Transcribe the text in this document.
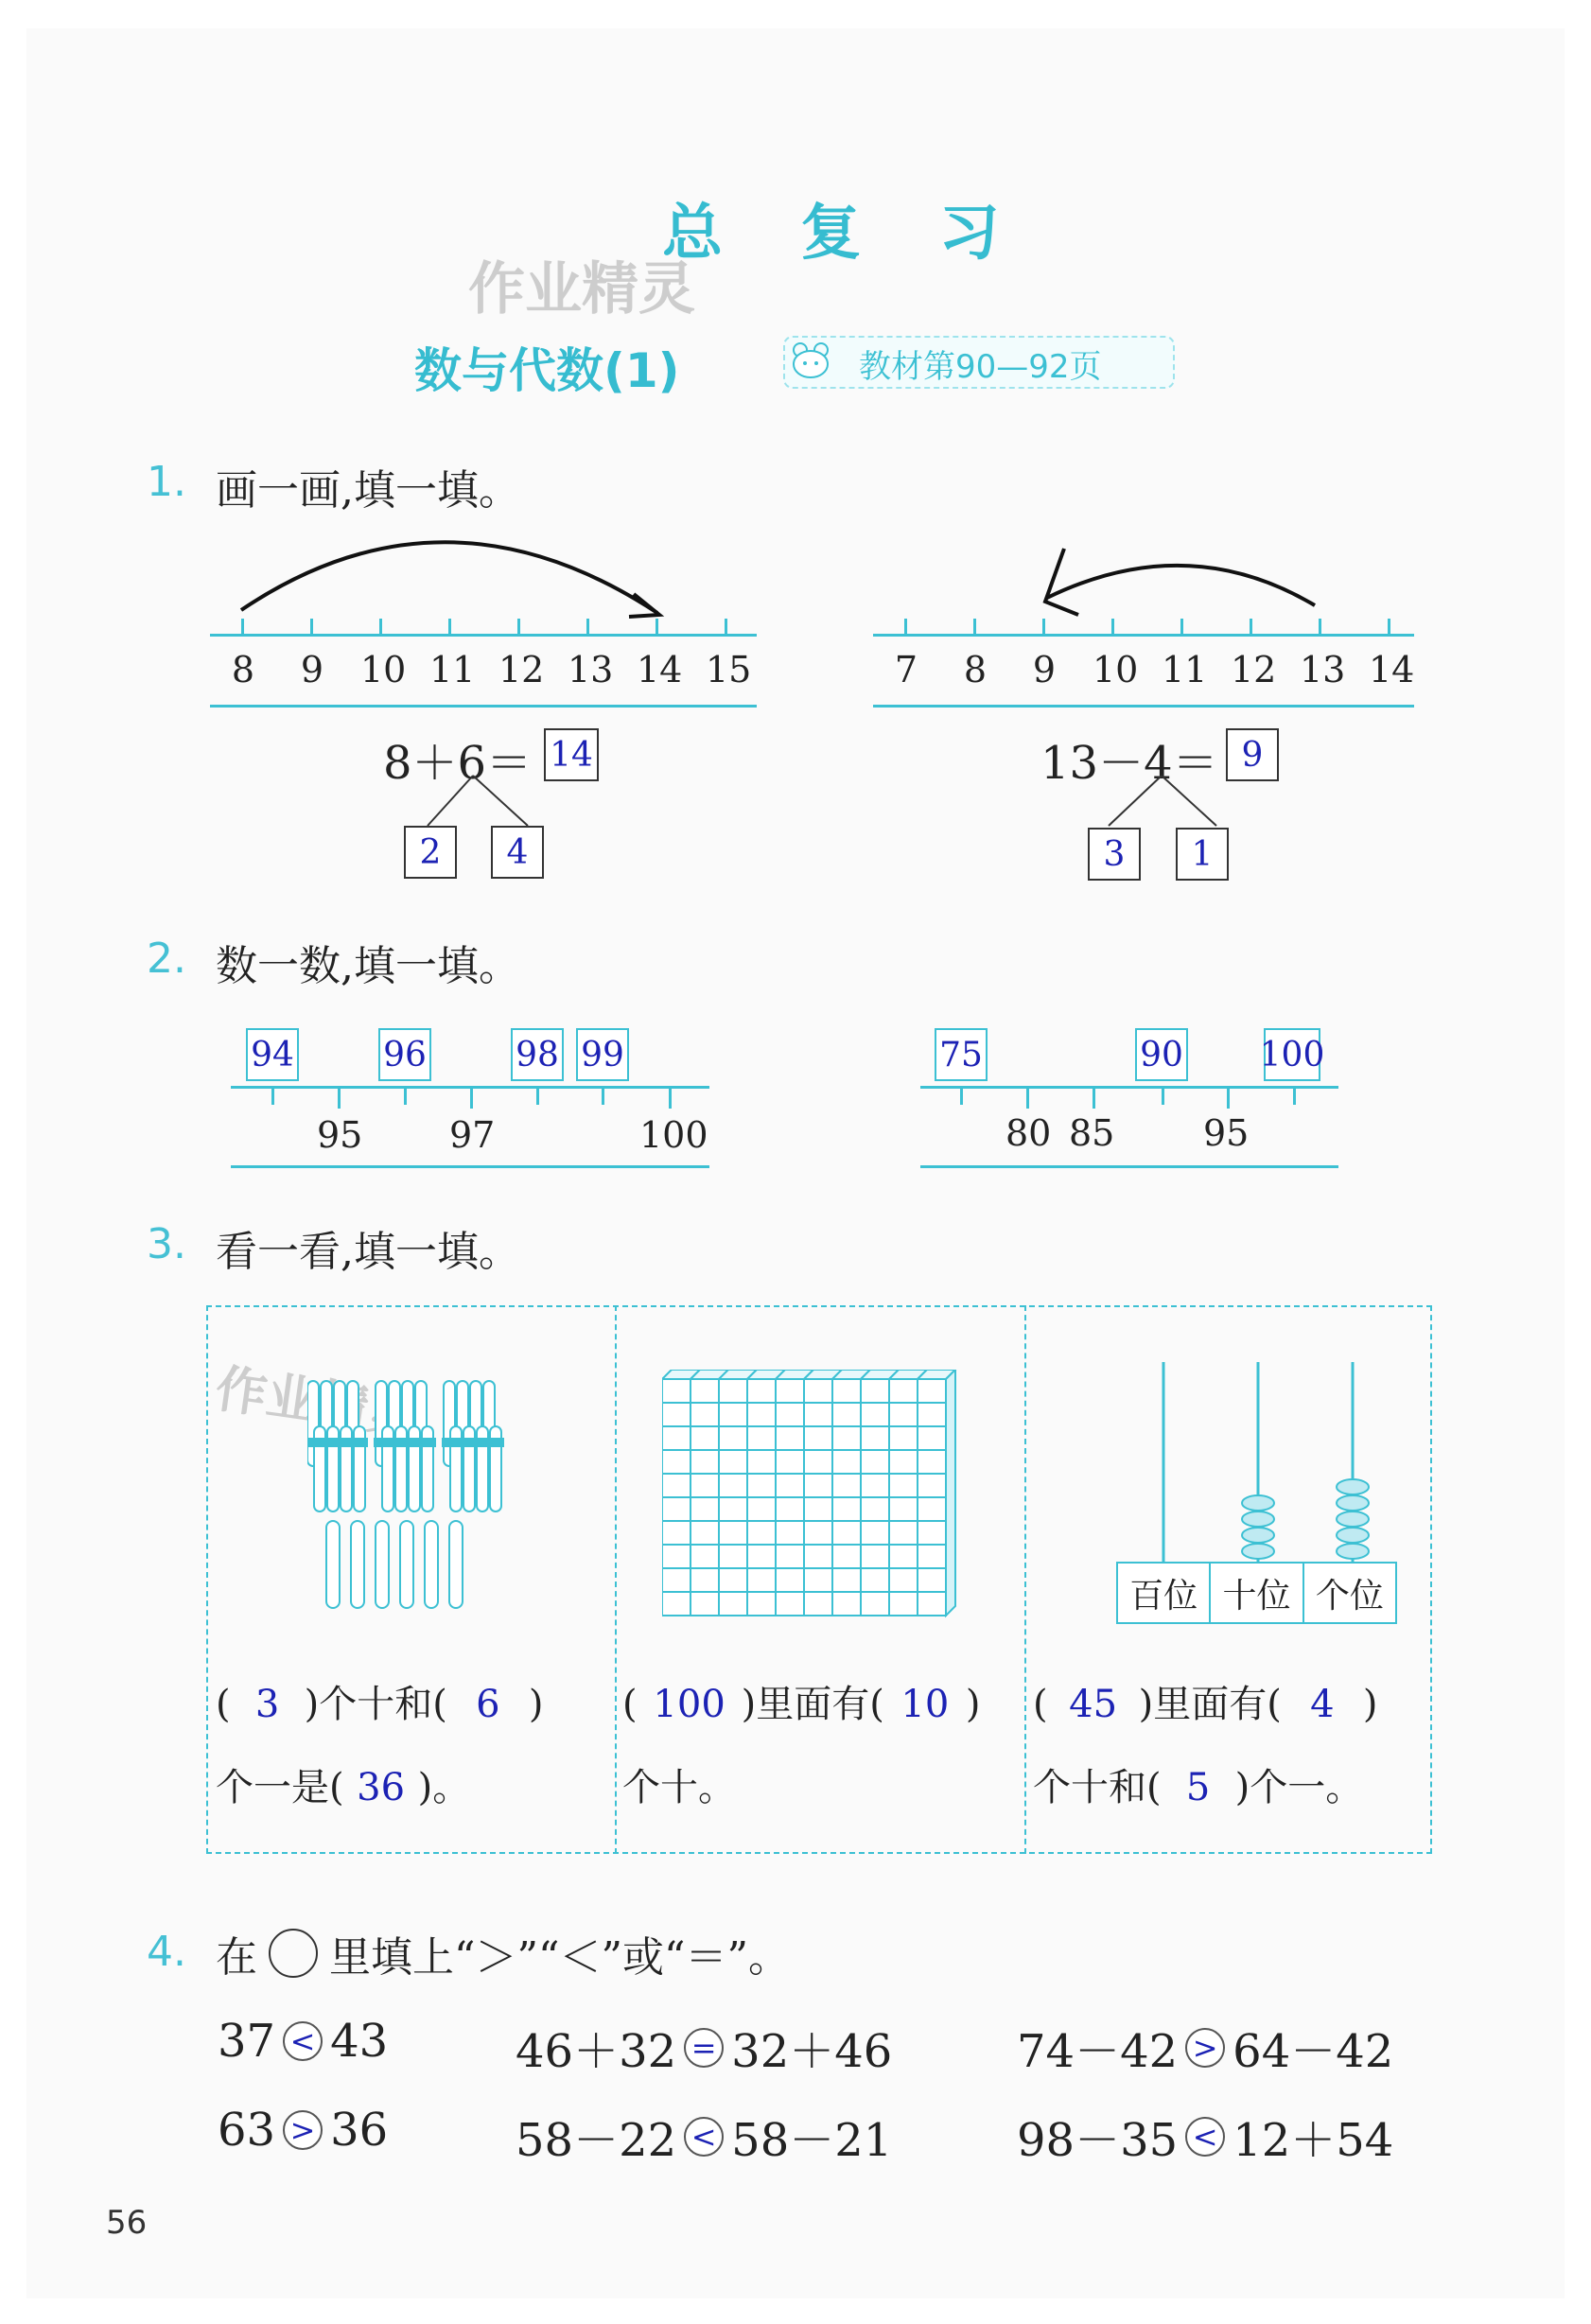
总 复 习
作业精灵
数与代数(1)	教材第90—92页
1. 画一画,填一填。
8 9 10 11 12 13 14 15
8＋6＝ 14
2	4
7 8 9 10 11 12 13 14
13－4＝ 9
3	1
2. 数一数,填一填。
94	96	98 99
95 97	100
75	90 100
80 85 95
3. 看一看,填一填。
百位 十位 个位
( 3 )个十和( 6 )
个一是( 36 )。
( 100 )里面有( 10 )
个十。
( 45 )里面有( 4 )
个十和( 5 )个一。
4. 在 里填上“＞”“＜”或“＝”。
37 < 43	46＋32 = 32＋46	74－42 > 64－42
63 > 36	58－22 < 58－21	98－35 < 12＋54
56
